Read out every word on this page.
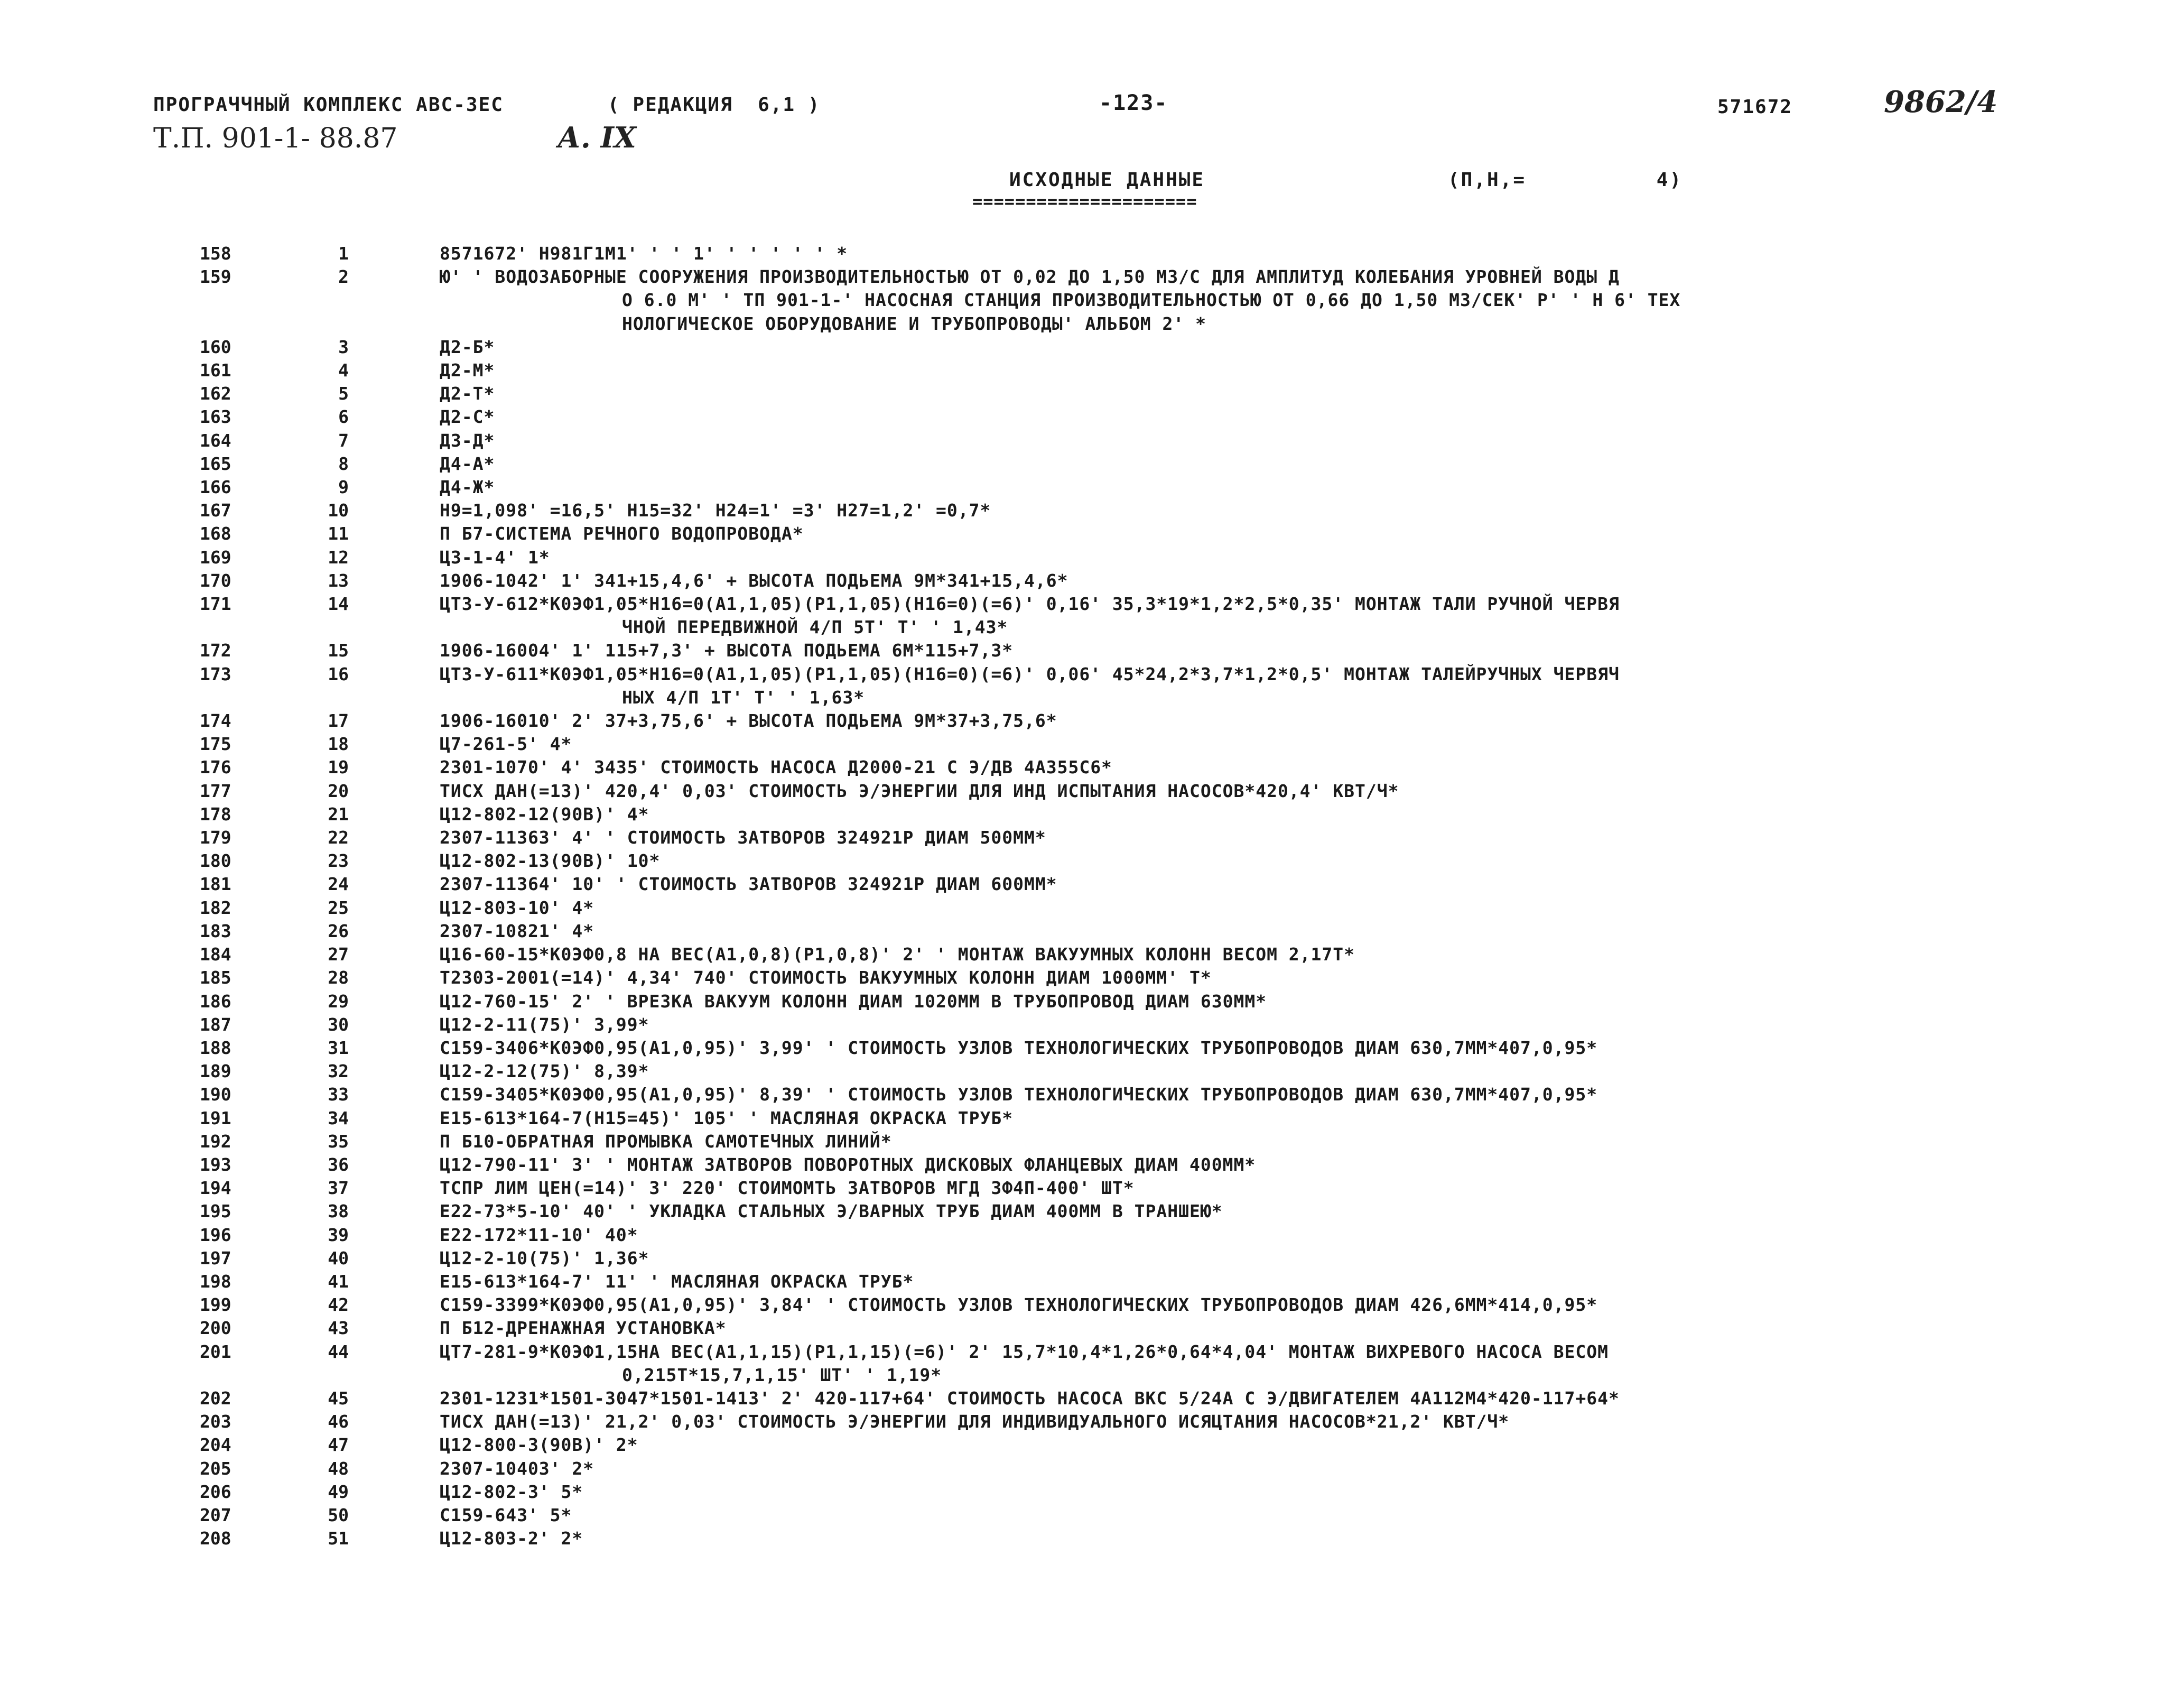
ПРОГРАЧЧНЫЙ КОМПЛЕКС АВС-ЗЕС	( РЕДАКЦИЯ  6,1 )	-123-	571672	9862/4
Т.П. 901-1- 88.87	А. IX
ИСХОДНЫЕ ДАННЫЕ	(П,Н,=          4)
=====================
158	1	8571672' Н981Г1М1' ' ' 1' ' ' ' ' ' *
159	2	Ю' ' ВОДОЗАБОРНЫЕ СООРУЖЕНИЯ ПРОИЗВОДИТЕЛЬНОСТЬЮ ОТ 0,02 ДО 1,50 М3/С ДЛЯ АМПЛИТУД КОЛЕБАНИЯ УРОВНЕЙ ВОДЫ Д
О 6.0 М' ' ТП 901-1-' НАСОСНАЯ СТАНЦИЯ ПРОИЗВОДИТЕЛЬНОСТЬЮ ОТ 0,66 ДО 1,50 М3/СЕК' Р' ' Н 6' ТЕХ
НОЛОГИЧЕСКОЕ ОБОРУДОВАНИЕ И ТРУБОПРОВОДЫ' АЛЬБОМ 2' *
160	3	Д2-Б*
161	4	Д2-М*
162	5	Д2-Т*
163	6	Д2-С*
164	7	Д3-Д*
165	8	Д4-А*
166	9	Д4-Ж*
167	10	Н9=1,098' =16,5' Н15=32' Н24=1' =3' Н27=1,2' =0,7*
168	11	П Б7-СИСТЕМА РЕЧНОГО ВОДОПРОВОДА*
169	12	Ц3-1-4' 1*
170	13	1906-1042' 1' 341+15,4,6' + ВЫСОТА ПОДЬЕМА 9М*341+15,4,6*
171	14	ЦТ3-У-612*К0ЭФ1,05*Н16=0(А1,1,05)(Р1,1,05)(Н16=0)(=6)' 0,16' 35,3*19*1,2*2,5*0,35' МОНТАЖ ТАЛИ РУЧНОЙ ЧЕРВЯ
ЧНОЙ ПЕРЕДВИЖНОЙ 4/П 5Т' Т' ' 1,43*
172	15	1906-16004' 1' 115+7,3' + ВЫСОТА ПОДЬЕМА 6М*115+7,3*
173	16	ЦТ3-У-611*К0ЭФ1,05*Н16=0(А1,1,05)(Р1,1,05)(Н16=0)(=6)' 0,06' 45*24,2*3,7*1,2*0,5' МОНТАЖ ТАЛЕЙРУЧНЫХ ЧЕРВЯЧ
НЫХ 4/П 1Т' Т' ' 1,63*
174	17	1906-16010' 2' 37+3,75,6' + ВЫСОТА ПОДЬЕМА 9М*37+3,75,6*
175	18	Ц7-261-5' 4*
176	19	2301-1070' 4' 3435' СТОИМОСТЬ НАСОСА Д2000-21 С Э/ДВ 4А355С6*
177	20	ТИСХ ДАН(=13)' 420,4' 0,03' СТОИМОСТЬ Э/ЭНЕРГИИ ДЛЯ ИНД ИСПЫТАНИЯ НАСОСОВ*420,4' КВТ/Ч*
178	21	Ц12-802-12(90В)' 4*
179	22	2307-11363' 4' ' СТОИМОСТЬ ЗАТВОРОВ 324921Р ДИАМ 500ММ*
180	23	Ц12-802-13(90В)' 10*
181	24	2307-11364' 10' ' СТОИМОСТЬ ЗАТВОРОВ 324921Р ДИАМ 600ММ*
182	25	Ц12-803-10' 4*
183	26	2307-10821' 4*
184	27	Ц16-60-15*К0ЭФ0,8 НА ВЕС(А1,0,8)(Р1,0,8)' 2' ' МОНТАЖ ВАКУУМНЫХ КОЛОНН ВЕСОМ 2,17Т*
185	28	Т2303-2001(=14)' 4,34' 740' СТОИМОСТЬ ВАКУУМНЫХ КОЛОНН ДИАМ 1000ММ' Т*
186	29	Ц12-760-15' 2' ' ВРЕЗКА ВАКУУМ КОЛОНН ДИАМ 1020ММ В ТРУБОПРОВОД ДИАМ 630ММ*
187	30	Ц12-2-11(75)' 3,99*
188	31	С159-3406*К0ЭФ0,95(А1,0,95)' 3,99' ' СТОИМОСТЬ УЗЛОВ ТЕХНОЛОГИЧЕСКИХ ТРУБОПРОВОДОВ ДИАМ 630,7ММ*407,0,95*
189	32	Ц12-2-12(75)' 8,39*
190	33	С159-3405*К0ЭФ0,95(А1,0,95)' 8,39' ' СТОИМОСТЬ УЗЛОВ ТЕХНОЛОГИЧЕСКИХ ТРУБОПРОВОДОВ ДИАМ 630,7ММ*407,0,95*
191	34	Е15-613*164-7(Н15=45)' 105' ' МАСЛЯНАЯ ОКРАСКА ТРУБ*
192	35	П Б10-ОБРАТНАЯ ПРОМЫВКА САМОТЕЧНЫХ ЛИНИЙ*
193	36	Ц12-790-11' 3' ' МОНТАЖ ЗАТВОРОВ ПОВОРОТНЫХ ДИСКОВЫХ ФЛАНЦЕВЫХ ДИАМ 400ММ*
194	37	ТСПР ЛИМ ЦЕН(=14)' 3' 220' СТОИМОМТЬ ЗАТВОРОВ МГД 3Ф4П-400' ШТ*
195	38	Е22-73*5-10' 40' ' УКЛАДКА СТАЛЬНЫХ Э/ВАРНЫХ ТРУБ ДИАМ 400ММ В ТРАНШЕЮ*
196	39	Е22-172*11-10' 40*
197	40	Ц12-2-10(75)' 1,36*
198	41	Е15-613*164-7' 11' ' МАСЛЯНАЯ ОКРАСКА ТРУБ*
199	42	С159-3399*К0ЭФ0,95(А1,0,95)' 3,84' ' СТОИМОСТЬ УЗЛОВ ТЕХНОЛОГИЧЕСКИХ ТРУБОПРОВОДОВ ДИАМ 426,6ММ*414,0,95*
200	43	П Б12-ДРЕНАЖНАЯ УСТАНОВКА*
201	44	ЦТ7-281-9*К0ЭФ1,15НА ВЕС(А1,1,15)(Р1,1,15)(=6)' 2' 15,7*10,4*1,26*0,64*4,04' МОНТАЖ ВИХРЕВОГО НАСОСА ВЕСОМ
0,215Т*15,7,1,15' ШТ' ' 1,19*
202	45	2301-1231*1501-3047*1501-1413' 2' 420-117+64' СТОИМОСТЬ НАСОСА ВКС 5/24А С Э/ДВИГАТЕЛЕМ 4А112М4*420-117+64*
203	46	ТИСХ ДАН(=13)' 21,2' 0,03' СТОИМОСТЬ Э/ЭНЕРГИИ ДЛЯ ИНДИВИДУАЛЬНОГО ИСЯЦТАНИЯ НАСОСОВ*21,2' КВТ/Ч*
204	47	Ц12-800-3(90В)' 2*
205	48	2307-10403' 2*
206	49	Ц12-802-3' 5*
207	50	С159-643' 5*
208	51	Ц12-803-2' 2*
